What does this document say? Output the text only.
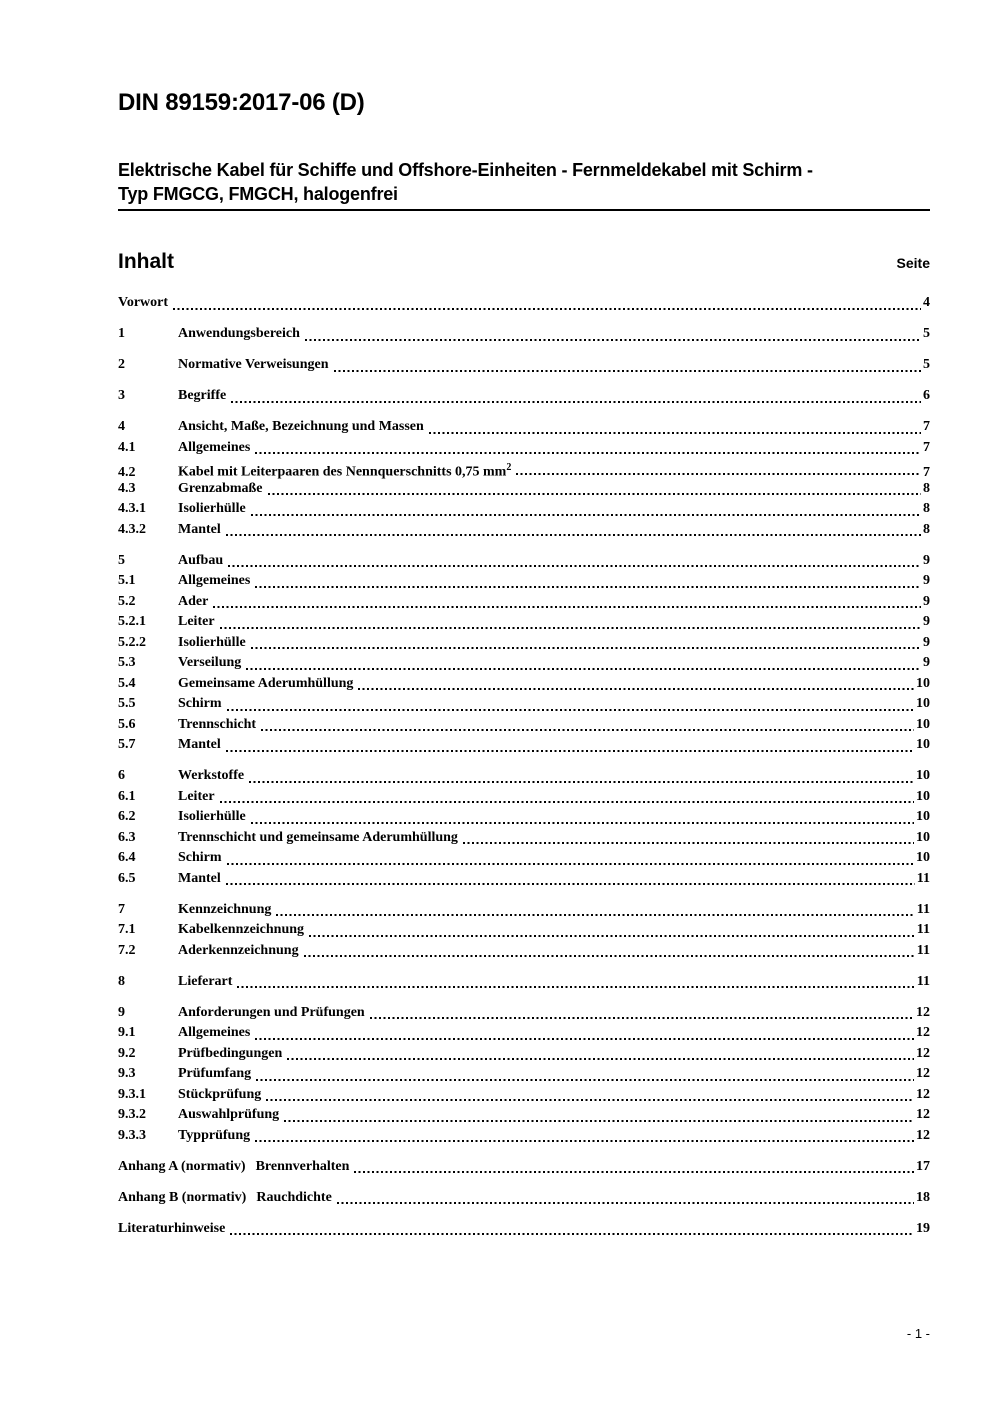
DIN 89159:2017-06 (D)
Elektrische Kabel für Schiffe und Offshore-Einheiten - Fernmeldekabel mit Schirm -
Typ FMGCG, FMGCH, halogenfrei
Inhalt	Seite
Vorwort	4
1	Anwendungsbereich	5
2	Normative Verweisungen	5
3	Begriffe	6
4	Ansicht, Maße, Bezeichnung und Massen	7
4.1	Allgemeines	7
4.2	Kabel mit Leiterpaaren des Nennquerschnitts 0,75 $mm^2$	7
4.3	Grenzabmaße	8
4.3.1	Isolierhülle	8
4.3.2	Mantel	8
5	Aufbau	9
5.1	Allgemeines	9
5.2	Ader	9
5.2.1	Leiter	9
5.2.2	Isolierhülle	9
5.3	Verseilung	9
5.4	Gemeinsame Aderumhüllung	10
5.5	Schirm	10
5.6	Trennschicht	10
5.7	Mantel	10
6	Werkstoffe	10
6.1	Leiter	10
6.2	Isolierhülle	10
6.3	Trennschicht und gemeinsame Aderumhüllung	10
6.4	Schirm	10
6.5	Mantel	11
7	Kennzeichnung	11
7.1	Kabelkennzeichnung	11
7.2	Aderkennzeichnung	11
8	Lieferart	11
9	Anforderungen und Prüfungen	12
9.1	Allgemeines	12
9.2	Prüfbedingungen	12
9.3	Prüfumfang	12
9.3.1	Stückprüfung	12
9.3.2	Auswahlprüfung	12
9.3.3	Typprüfung	12
Anhang A (normativ) Brennverhalten	17
Anhang B (normativ) Rauchdichte	18
Literaturhinweise	19
- 1 -
